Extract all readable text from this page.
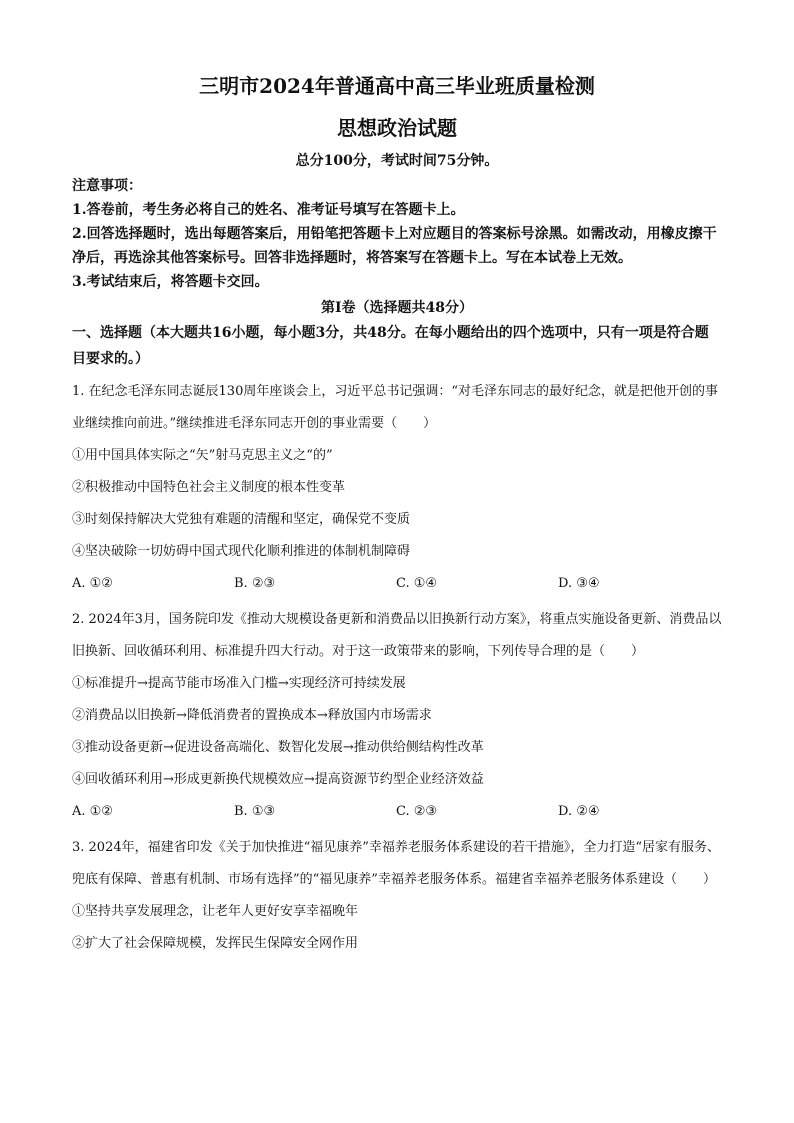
三明市2024年普通高中高三毕业班质量检测
思想政治试题
总分100分，考试时间75分钟。
注意事项：
1.答卷前，考生务必将自己的姓名、准考证号填写在答题卡上。
2.回答选择题时，选出每题答案后，用铅笔把答题卡上对应题目的答案标号涂黑。如需改动，用橡皮擦干净后，再选涂其他答案标号。回答非选择题时，将答案写在答题卡上。写在本试卷上无效。
3.考试结束后，将答题卡交回。
第Ⅰ卷（选择题共48分）
一、选择题（本大题共16小题，每小题3分，共48分。在每小题给出的四个选项中，只有一项是符合题目要求的。）
1. 在纪念毛泽东同志诞辰130周年座谈会上，习近平总书记强调：“对毛泽东同志的最好纪念，就是把他开创的事业继续推向前进。”继续推进毛泽东同志开创的事业需要（　　）
①用中国具体实际之“矢”射马克思主义之“的”
②积极推动中国特色社会主义制度的根本性变革
③时刻保持解决大党独有难题的清醒和坚定，确保党不变质
④坚决破除一切妨碍中国式现代化顺利推进的体制机制障碍
A. ①②	B. ②③	C. ①④	D. ③④
2. 2024年3月，国务院印发《推动大规模设备更新和消费品以旧换新行动方案》，将重点实施设备更新、消费品以旧换新、回收循环利用、标准提升四大行动。对于这一政策带来的影响，下列传导合理的是（　　）
①标准提升→提高节能市场准入门槛→实现经济可持续发展
②消费品以旧换新→降低消费者的置换成本→释放国内市场需求
③推动设备更新→促进设备高端化、数智化发展→推动供给侧结构性改革
④回收循环利用→形成更新换代规模效应→提高资源节约型企业经济效益
A. ①②	B. ①③	C. ②③	D. ②④
3. 2024年，福建省印发《关于加快推进“福见康养”幸福养老服务体系建设的若干措施》，全力打造“居家有服务、兜底有保障、普惠有机制、市场有选择”的“福见康养”幸福养老服务体系。福建省幸福养老服务体系建设（　　）
①坚持共享发展理念，让老年人更好安享幸福晚年
②扩大了社会保障规模，发挥民生保障安全网作用
